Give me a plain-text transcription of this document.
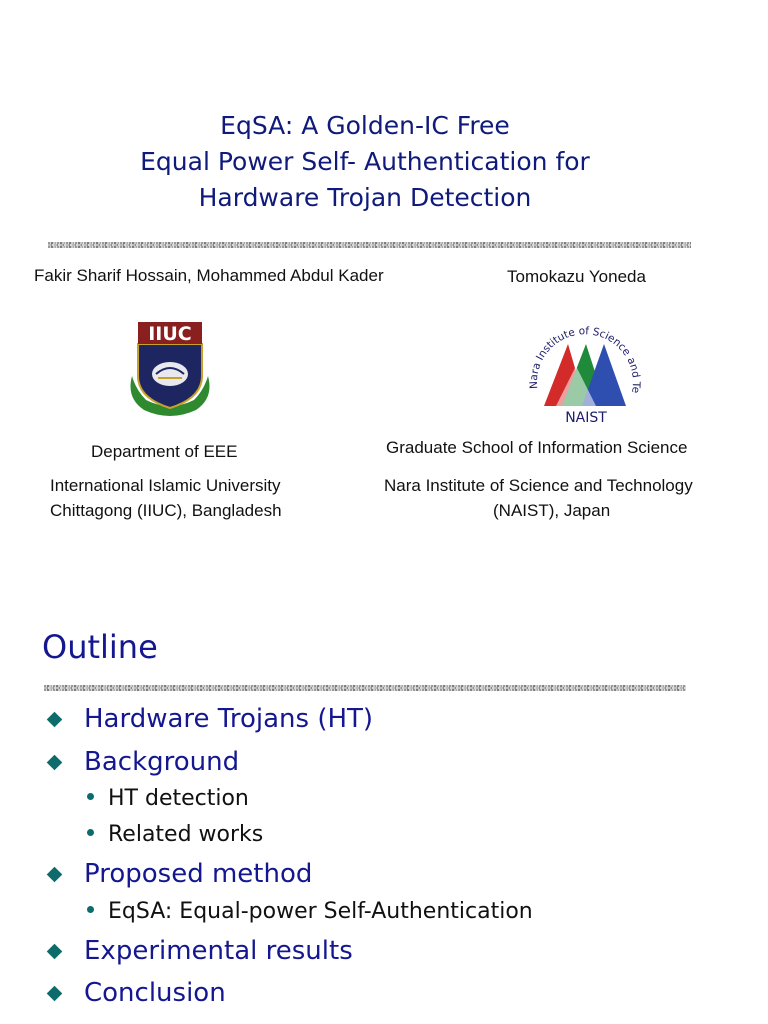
EqSA: A Golden-IC Free
Equal Power Self- Authentication for
Hardware Trojan Detection
Fakir Sharif Hossain, Mohammed Abdul Kader	Tomokazu Yoneda
IIUC
Nara Institute of Science and Te
NAIST
Department of EEE
International Islamic University
Chittagong (IIUC), Bangladesh
Graduate School of Information Science
Nara Institute of Science and Technology
(NAIST), Japan
Outline
Hardware Trojans (HT)
Background
HT detection
Related works
Proposed method
EqSA: Equal-power Self-Authentication
Experimental results
Conclusion
